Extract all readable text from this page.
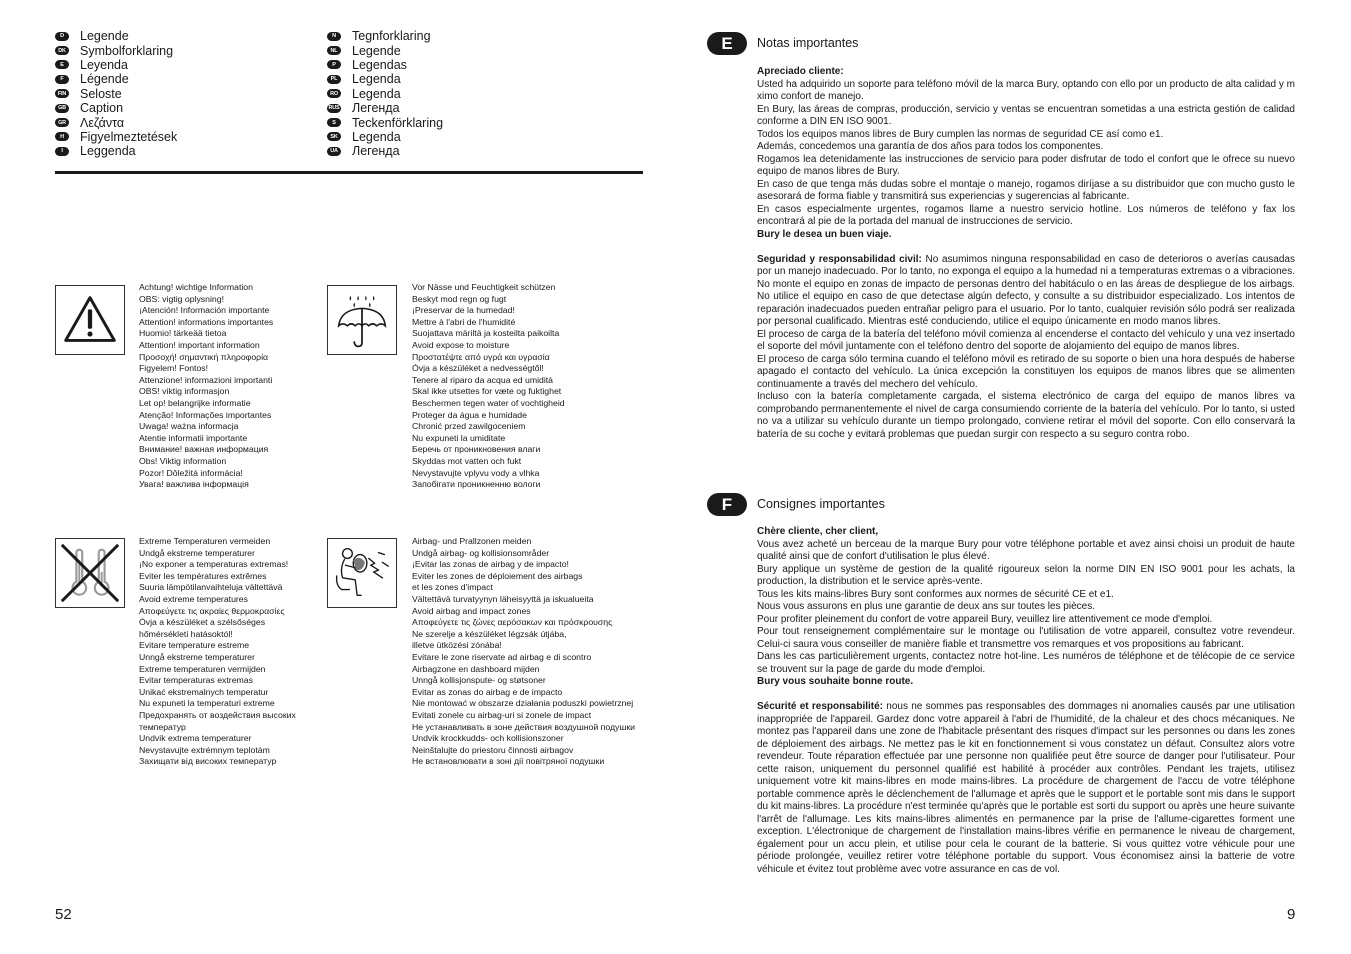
D	Legende
DK Symbolforklaring
E	Leyenda
F	Légende
FIN Seloste
GB Caption
GR Λεζάντα
H	Figyelmeztetések
I	Leggenda
N	Tegnforklaring
NL Legende
P	Legendas
PL Legenda
RO Legenda
RUS Легенда
S	Teckenförklaring
SK Legenda
UA Легенда
Achtung! wichtige Information
OBS: vigtig oplysning!
¡Atención! Información importante
Attention! informations importantes
Huomio! tärkeää tietoa
Attention! important information
Προσοχή! σημαντική πληροφορία
Figyelem! Fontos!
Attenzione! informazioni importanti
OBS! viktig informasjon
Let op! belangrijke informatie
Atenção! Informações importantes
Uwaga! ważna informacja
Atentie informatii importante
Внимание! важная информация
Obs! Viktig information
Pozor! Dôležitá informácia!
Увага! важлива інформація
Vor Nässe und Feuchtigkeit schützen
Beskyt mod regn og fugt
¡Preservar de la humedad!
Mettre à l'abri de l'humidité
Suojattava märiltä ja kosteilta paikoilta
Avoid expose to moisture
Προστατέψτε από υγρά και υγρασία
Óvja a készüléket a nedvességtől!
Tenere al riparo da acqua ed umidità
Skal ikke utsettes for væte og fuktighet
Beschermen tegen water of vochtigheid
Proteger da água e humidade
Chronić przed zawilgoceniem
Nu expuneti la umiditate
Беречь от проникновения влаги
Skyddas mot vatten och fukt
Nevystavujte vplyvu vody a vlhka
Запобігати проникненню вологи
Extreme Temperaturen vermeiden
Undgå ekstreme temperaturer
¡No exponer a temperaturas extremas!
Eviter les températures extrêmes
Suuria lämpötilanvaihteluja vältettävä
Avoid extreme temperatures
Αποφεύγετε τις ακραίες θερμοκρασίες
Óvja a készüléket a szélsőséges
hőmérsékleti hatásoktól!
Evitare temperature estreme
Unngå ekstreme temperaturer
Extreme temperaturen vermijden
Evitar temperaturas extremas
Unikać ekstremalnych temperatur
Nu expuneti la temperaturi extreme
Предохранять от воздействия высоких
температур
Undvik extrema temperaturer
Nevystavujte extrémnym teplotám
Захищати від високих температур
Airbag- und Prallzonen meiden
Undgå airbag- og kollisionsområder
¡Evitar las zonas de airbag y de impacto!
Eviter les zones de déploiement des airbags
et les zones d'impact
Vältettävä turvatyynyn läheisyyttä ja iskualueita
Avoid airbag and impact zones
Αποφεύγετε τις ζώνες αερόσακων και πρόσκρουσης
Ne szerelje a készüléket légzsák útjába,
illetve ütközési zónába!
Evitare le zone riservate ad airbag e di scontro
Airbagzone en dashboard mijden
Unngå kollisjonspute- og støtsoner
Evitar as zonas do airbag e de impacto
Nie montować w obszarze działania poduszki powietrznej
Evitati zonele cu airbag-uri si zonele de impact
Не устанавливать в зоне действия воздушной подушки
Undvik krockkudds- och kollisionszoner
Neinštalujte do priestoru činnosti airbagov
Не встановлювати в зоні дії повітряної подушки
52
E	Notas importantes

Apreciado cliente:

Usted ha adquirido un soporte para teléfono móvil de la marca Bury, optando con ello por un producto de alta calidad y m ximo confort de manejo.

En Bury, las áreas de compras, producción, servicio y ventas se encuentran sometidas a una estricta gestión de calidad conforme a DIN EN ISO 9001.

Todos los equipos manos libres de Bury cumplen las normas de seguridad CE así como e1.

Además, concedemos una garantía de dos años para todos los componentes.

Rogamos lea detenidamente las instrucciones de servicio para poder disfrutar de todo el confort que le ofrece su nuevo equipo de manos libres de Bury.

En caso de que tenga más dudas sobre el montaje o manejo, rogamos diríjase a su distribuidor que con mucho gusto le asesorará de forma fiable y transmitirá sus experiencias y sugerencias al fabricante.

En casos especialmente urgentes, rogamos llame a nuestro servicio hotline. Los números de teléfono y fax los encontrará al pie de la portada del manual de instrucciones de servicio.

Bury le desea un buen viaje.

Seguridad y responsabilidad civil: No asumimos ninguna responsabilidad en caso de deterioros o averías causadas por un manejo inadecuado. Por lo tanto, no exponga el equipo a la humedad ni a temperaturas extremas o a vibraciones. No monte el equipo en zonas de impacto de personas dentro del habitáculo o en las áreas de despliegue de los airbags. No utilice el equipo en caso de que detectase algún defecto, y consulte a su distribuidor especializado. Los intentos de reparación inadecuados pueden entrañar peligro para el usuario. Por lo tanto, cualquier revisión sólo podrá ser realizada por personal cualificado. Mientras esté conduciendo, utilice el equipo únicamente en modo manos libres.

El proceso de carga de la batería del teléfono móvil comienza al encenderse el contacto del vehículo y una vez insertado el soporte del móvil juntamente con el teléfono dentro del soporte de alojamiento del equipo de manos libres.

El proceso de carga sólo termina cuando el teléfono móvil es retirado de su soporte o bien una hora después de haberse apagado el contacto del vehículo. La única excepción la constituyen los equipos de manos libres que se alimenten continuamente a través del mechero del vehículo.

Incluso con la batería completamente cargada, el sistema electrónico de carga del equipo de manos libres va comprobando permanentemente el nivel de carga consumiendo corriente de la batería del vehículo. Por lo tanto, si usted no va a utilizar su vehículo durante un tiempo prolongado, conviene retirar el móvil del soporte. Con ello conservará la batería de su coche y evitará problemas que puedan surgir con respecto a su seguro contra robo.

F	Consignes importantes

Chère cliente, cher client,

Vous avez acheté un berceau de la marque Bury pour votre téléphone portable et avez ainsi choisi un produit de haute qualité ainsi que de confort d'utilisation le plus élevé.

Bury applique un système de gestion de la qualité rigoureux selon la norme DIN EN ISO 9001 pour les achats, la production, la distribution et le service après-vente.

Tous les kits mains-libres Bury sont conformes aux normes de sécurité CE et e1.

Nous vous assurons en plus une garantie de deux ans sur toutes les pièces.

Pour profiter pleinement du confort de votre appareil Bury, veuillez lire attentivement ce mode d'emploi.

Pour tout renseignement complémentaire sur le montage ou l'utilisation de votre appareil, consultez votre revendeur. Celui-ci saura vous conseiller de manière fiable et transmettre vos remarques et vos propositions au fabricant.

Dans les cas particulièrement urgents, contactez notre hot-line. Les numéros de téléphone et de télécopie de ce service se trouvent sur la page de garde du mode d'emploi.

Bury vous souhaite bonne route.

Sécurité et responsabilité: nous ne sommes pas responsables des dommages ni anomalies causés par une utilisation inappropriée de l'appareil. Gardez donc votre appareil à l'abri de l'humidité, de la chaleur et des chocs mécaniques. Ne montez pas l'appareil dans une zone de l'habitacle présentant des risques d'impact sur les personnes ou dans les zones de déploiement des airbags. Ne mettez pas le kit en fonctionnement si vous constatez un défaut. Consultez alors votre revendeur. Toute réparation effectuée par une personne non qualifiée peut être source de danger pour l'utilisateur. Pour cette raison, uniquement du personnel qualifié est habilité à procéder aux contrôles. Pendant les trajets, utilisez uniquement votre kit mains-libres en mode mains-libres. La procédure de chargement de l'accu de votre téléphone portable commence après le déclenchement de l'allumage et après que le support et le portable sont mis dans le support du kit mains-libres. La procédure n'est terminée qu'après que le portable est sorti du support ou après une heure suivante l'arrêt de l'allumage. Les kits mains-libres alimentés en permanence par la prise de l'allume-cigarettes forment une exception. L'électronique de chargement de l'installation mains-libres vérifie en permanence le niveau de chargement, également pour un accu plein, et utilise pour cela le courant de la batterie. Si vous quittez votre véhicule pour une période prolongée, veuillez retirer votre téléphone portable du support. Vous économisez ainsi la batterie de votre véhicule et évitez tout problème avec votre assurance en cas de vol.

9
